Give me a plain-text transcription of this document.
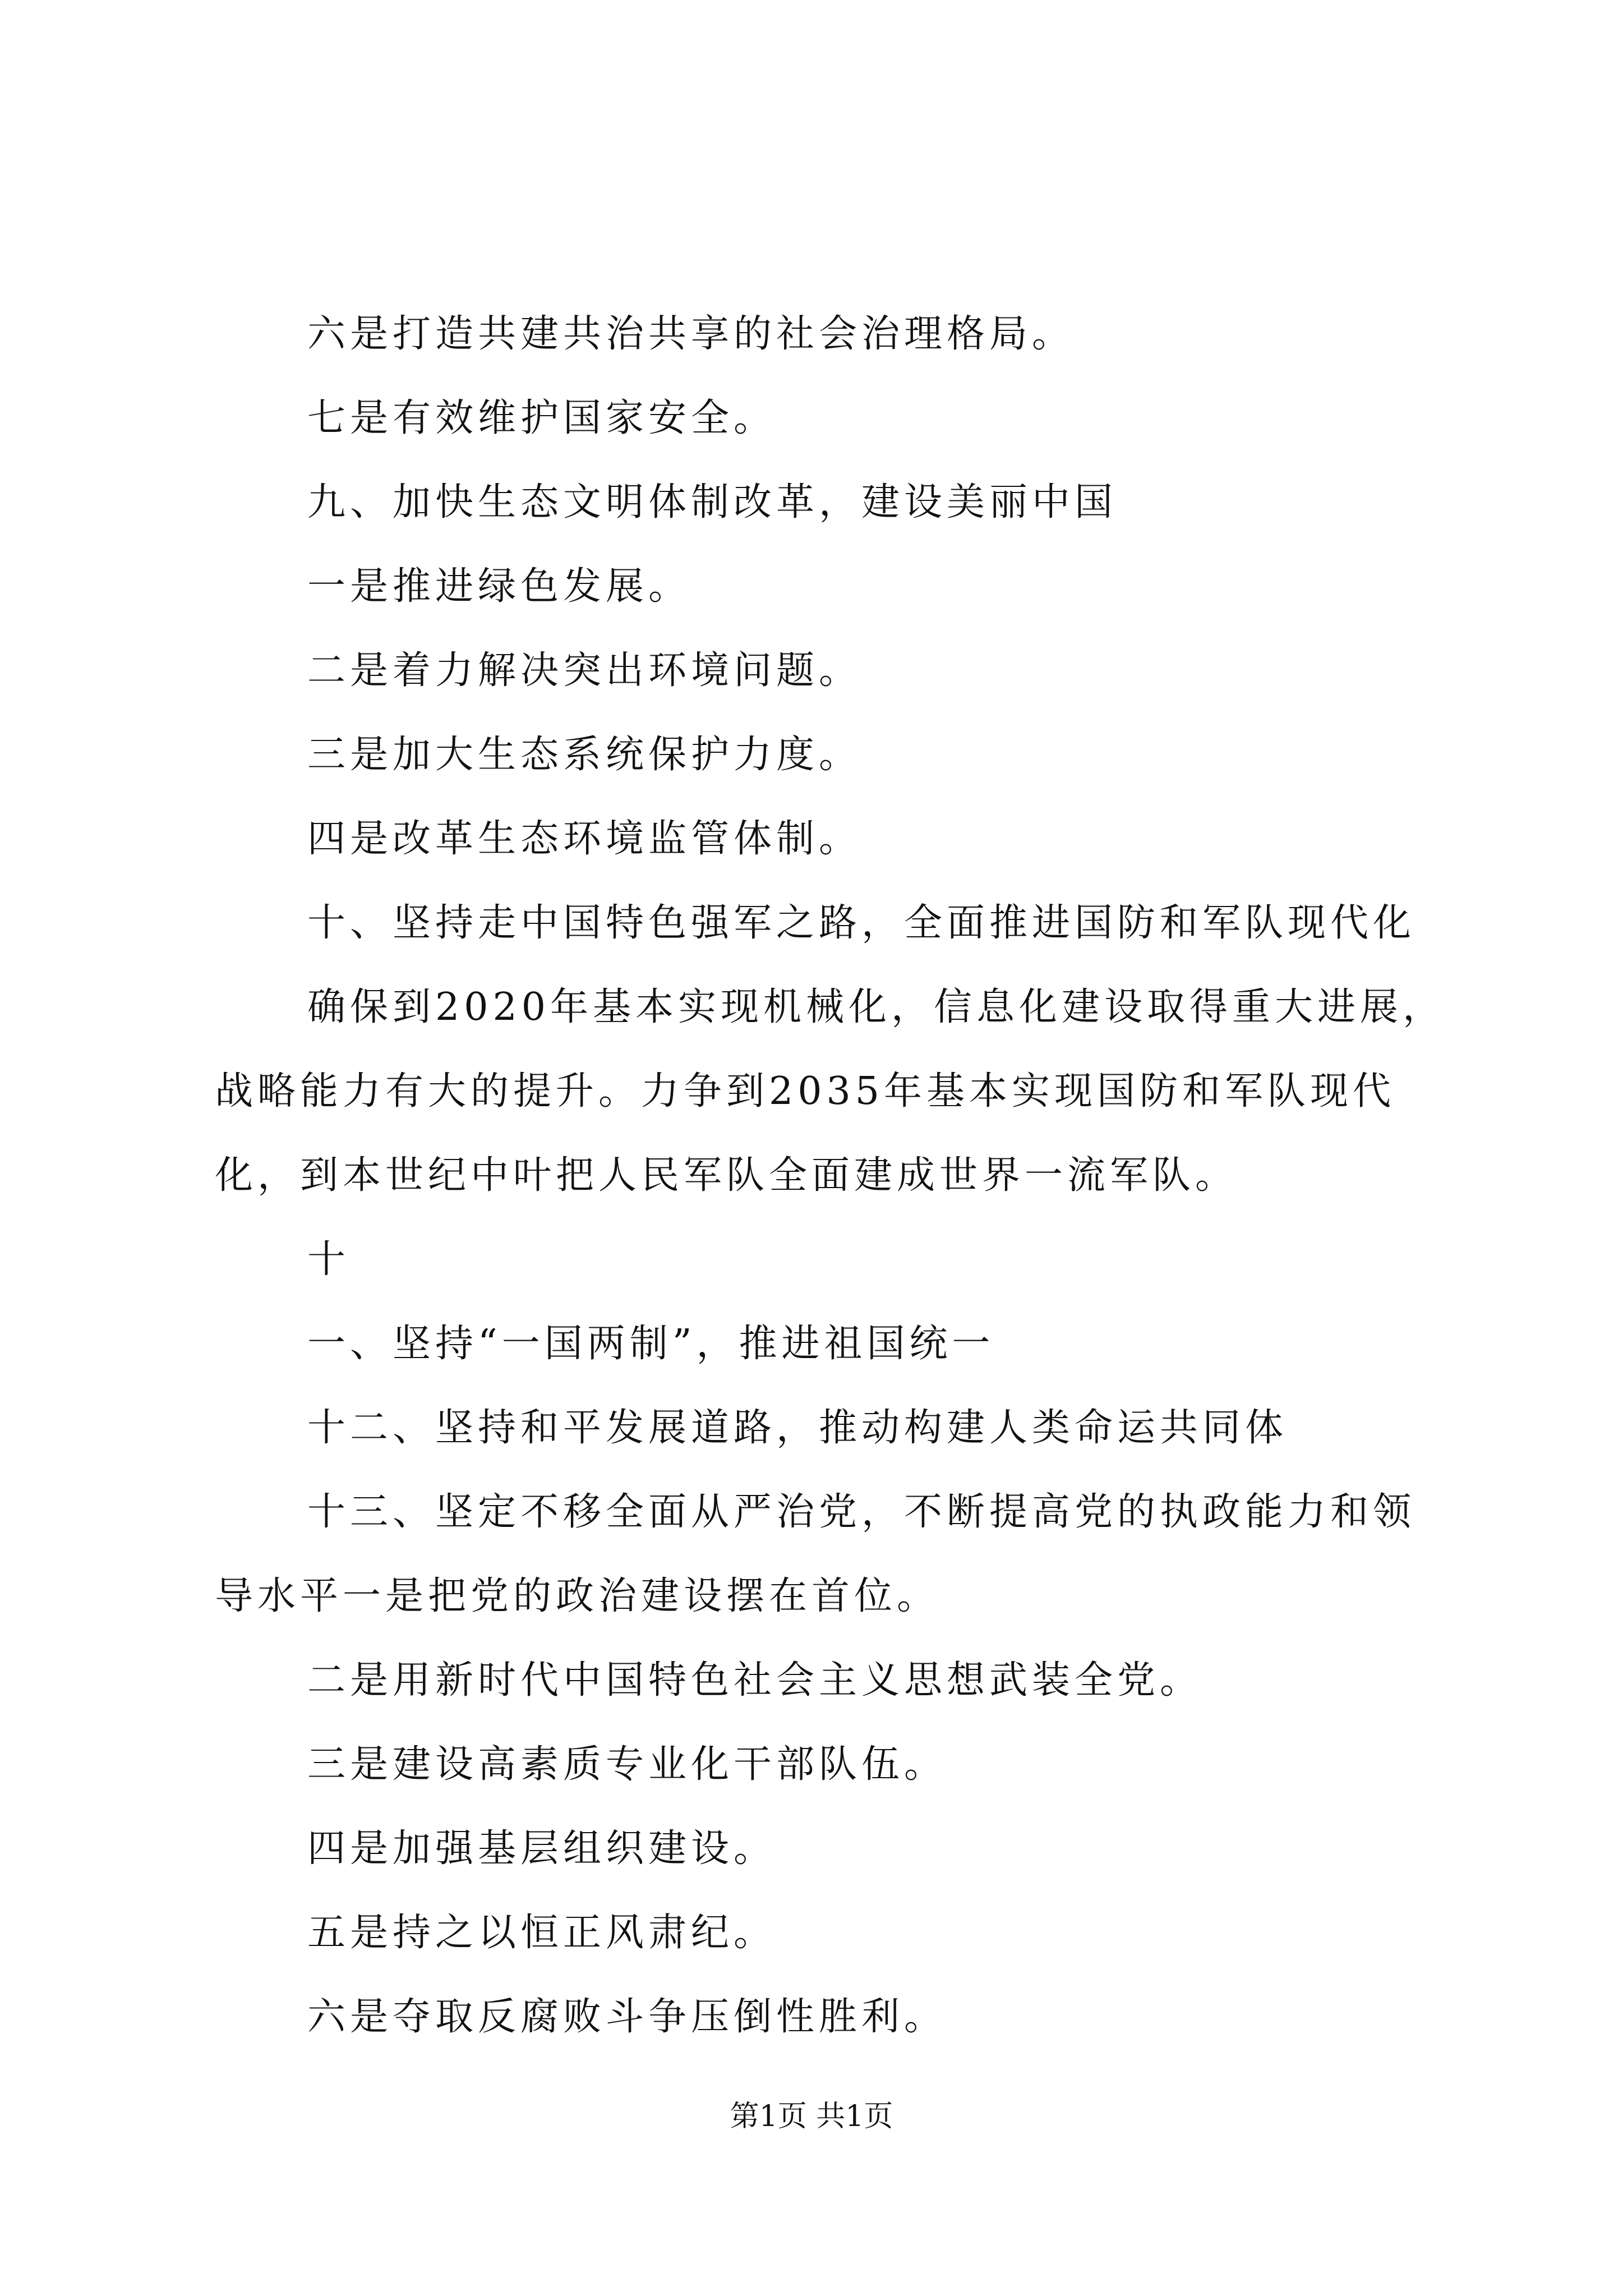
六是打造共建共治共享的社会治理格局。
七是有效维护国家安全。
九、加快生态文明体制改革，建设美丽中国
一是推进绿色发展。
二是着力解决突出环境问题。
三是加大生态系统保护力度。
四是改革生态环境监管体制。
十、坚持走中国特色强军之路，全面推进国防和军队现代化
确保到2020年基本实现机械化，信息化建设取得重大进展，
战略能力有大的提升。力争到2035年基本实现国防和军队现代
化，到本世纪中叶把人民军队全面建成世界一流军队。
十
一、坚持“一国两制”，推进祖国统一
十二、坚持和平发展道路，推动构建人类命运共同体
十三、坚定不移全面从严治党，不断提高党的执政能力和领
导水平一是把党的政治建设摆在首位。
二是用新时代中国特色社会主义思想武装全党。
三是建设高素质专业化干部队伍。
四是加强基层组织建设。
五是持之以恒正风肃纪。
六是夺取反腐败斗争压倒性胜利。
第1页 共1页
